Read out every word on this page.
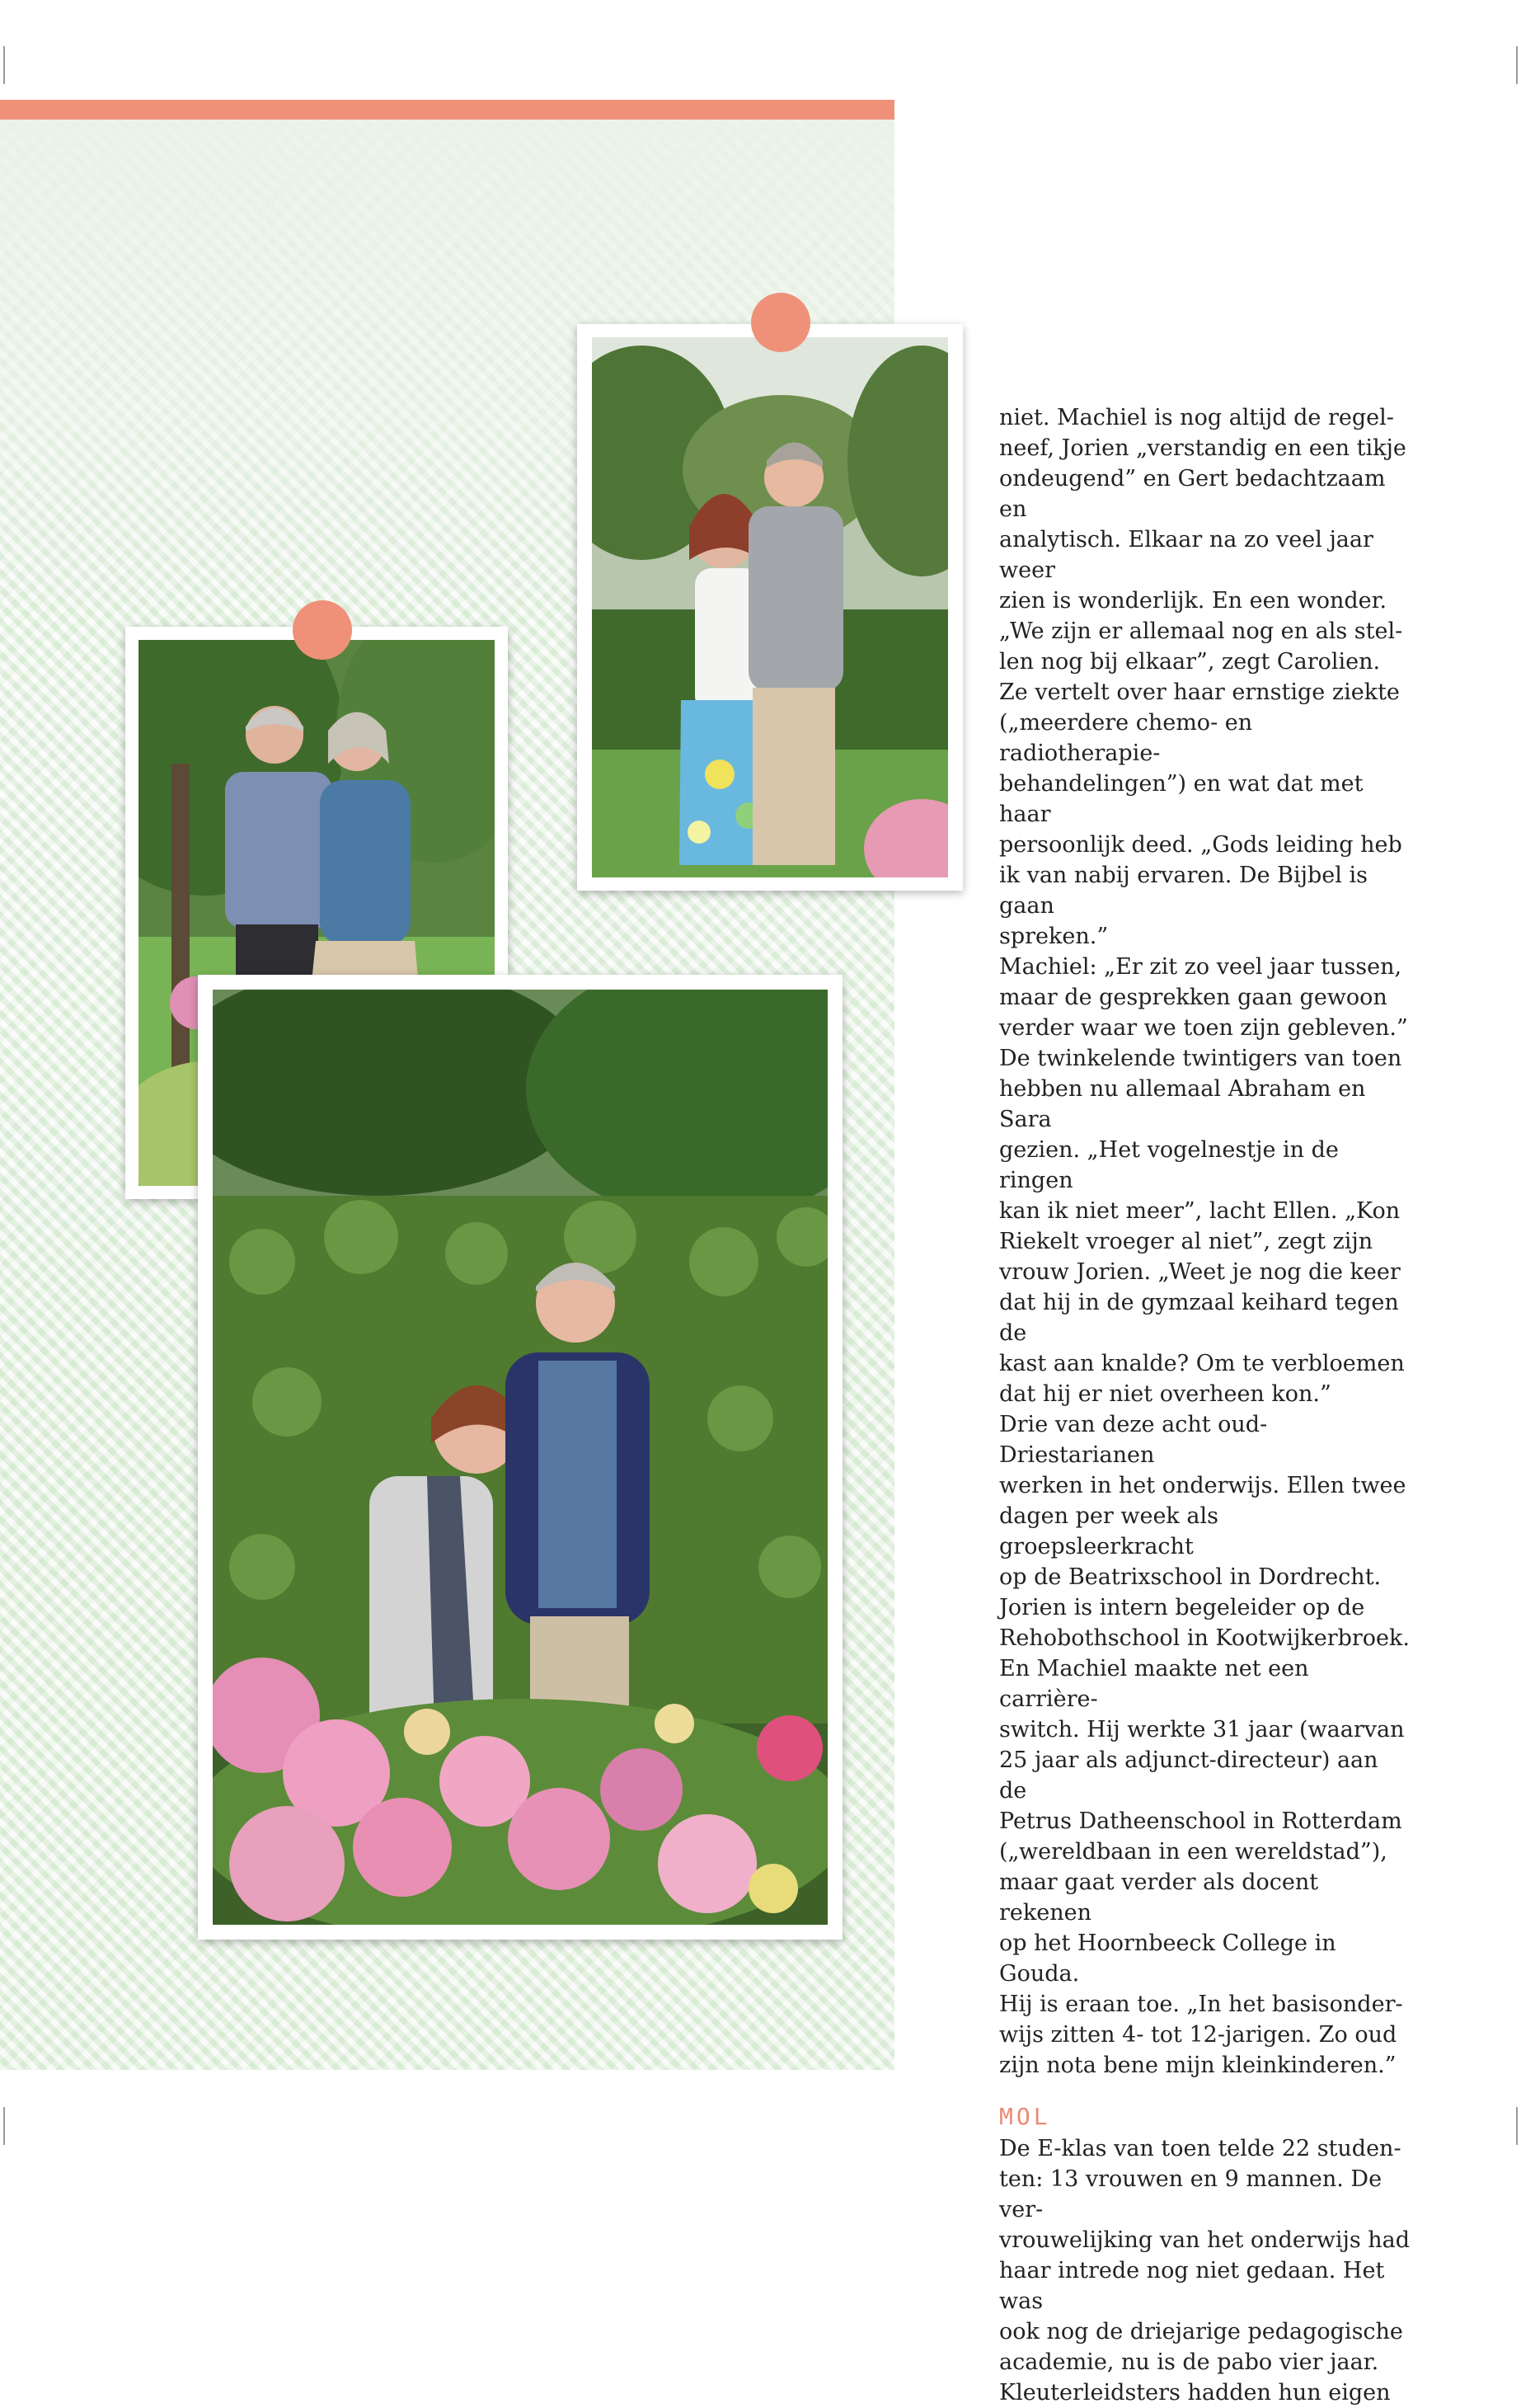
niet. Machiel is nog altijd de regel-
neef, Jorien „verstandig en een tikje
ondeugend” en Gert bedachtzaam en
analytisch. Elkaar na zo veel jaar weer
zien is wonderlijk. En een wonder.
„We zijn er allemaal nog en als stel-
len nog bij elkaar”, zegt Carolien.
Ze vertelt over haar ernstige ziekte
(„meerdere chemo- en radiotherapie-
behandelingen”) en wat dat met haar
persoonlijk deed. „Gods leiding heb
ik van nabij ervaren. De Bijbel is gaan
spreken.”
Machiel: „Er zit zo veel jaar tussen,
maar de gesprekken gaan gewoon
verder waar we toen zijn gebleven.”
De twinkelende twintigers van toen
hebben nu allemaal Abraham en Sara
gezien. „Het vogelnestje in de ringen
kan ik niet meer”, lacht Ellen. „Kon
Riekelt vroeger al niet”, zegt zijn
vrouw Jorien. „Weet je nog die keer
dat hij in de gymzaal keihard tegen de
kast aan knalde? Om te verbloemen
dat hij er niet overheen kon.”
Drie van deze acht oud-Driestarianen
werken in het onderwijs. Ellen twee
dagen per week als groepsleerkracht
op de Beatrixschool in Dordrecht.
Jorien is intern begeleider op de
Rehobothschool in Kootwijkerbroek.
En Machiel maakte net een carrière-
switch. Hij werkte 31 jaar (waarvan
25 jaar als adjunct-directeur) aan de
Petrus Datheenschool in Rotterdam
(„wereldbaan in een wereldstad”),
maar gaat verder als docent rekenen
op het Hoornbeeck College in Gouda.
Hij is eraan toe. „In het basisonder-
wijs zitten 4- tot 12-jarigen. Zo oud
zijn nota bene mijn kleinkinderen.”

MOL

De E-klas van toen telde 22 studen-
ten: 13 vrouwen en 9 mannen. De ver-
vrouwelijking van het onderwijs had
haar intrede nog niet gedaan. Het was
ook nog de driejarige pedagogische
academie, nu is de pabo vier jaar.
Kleuterleidsters hadden hun eigen
